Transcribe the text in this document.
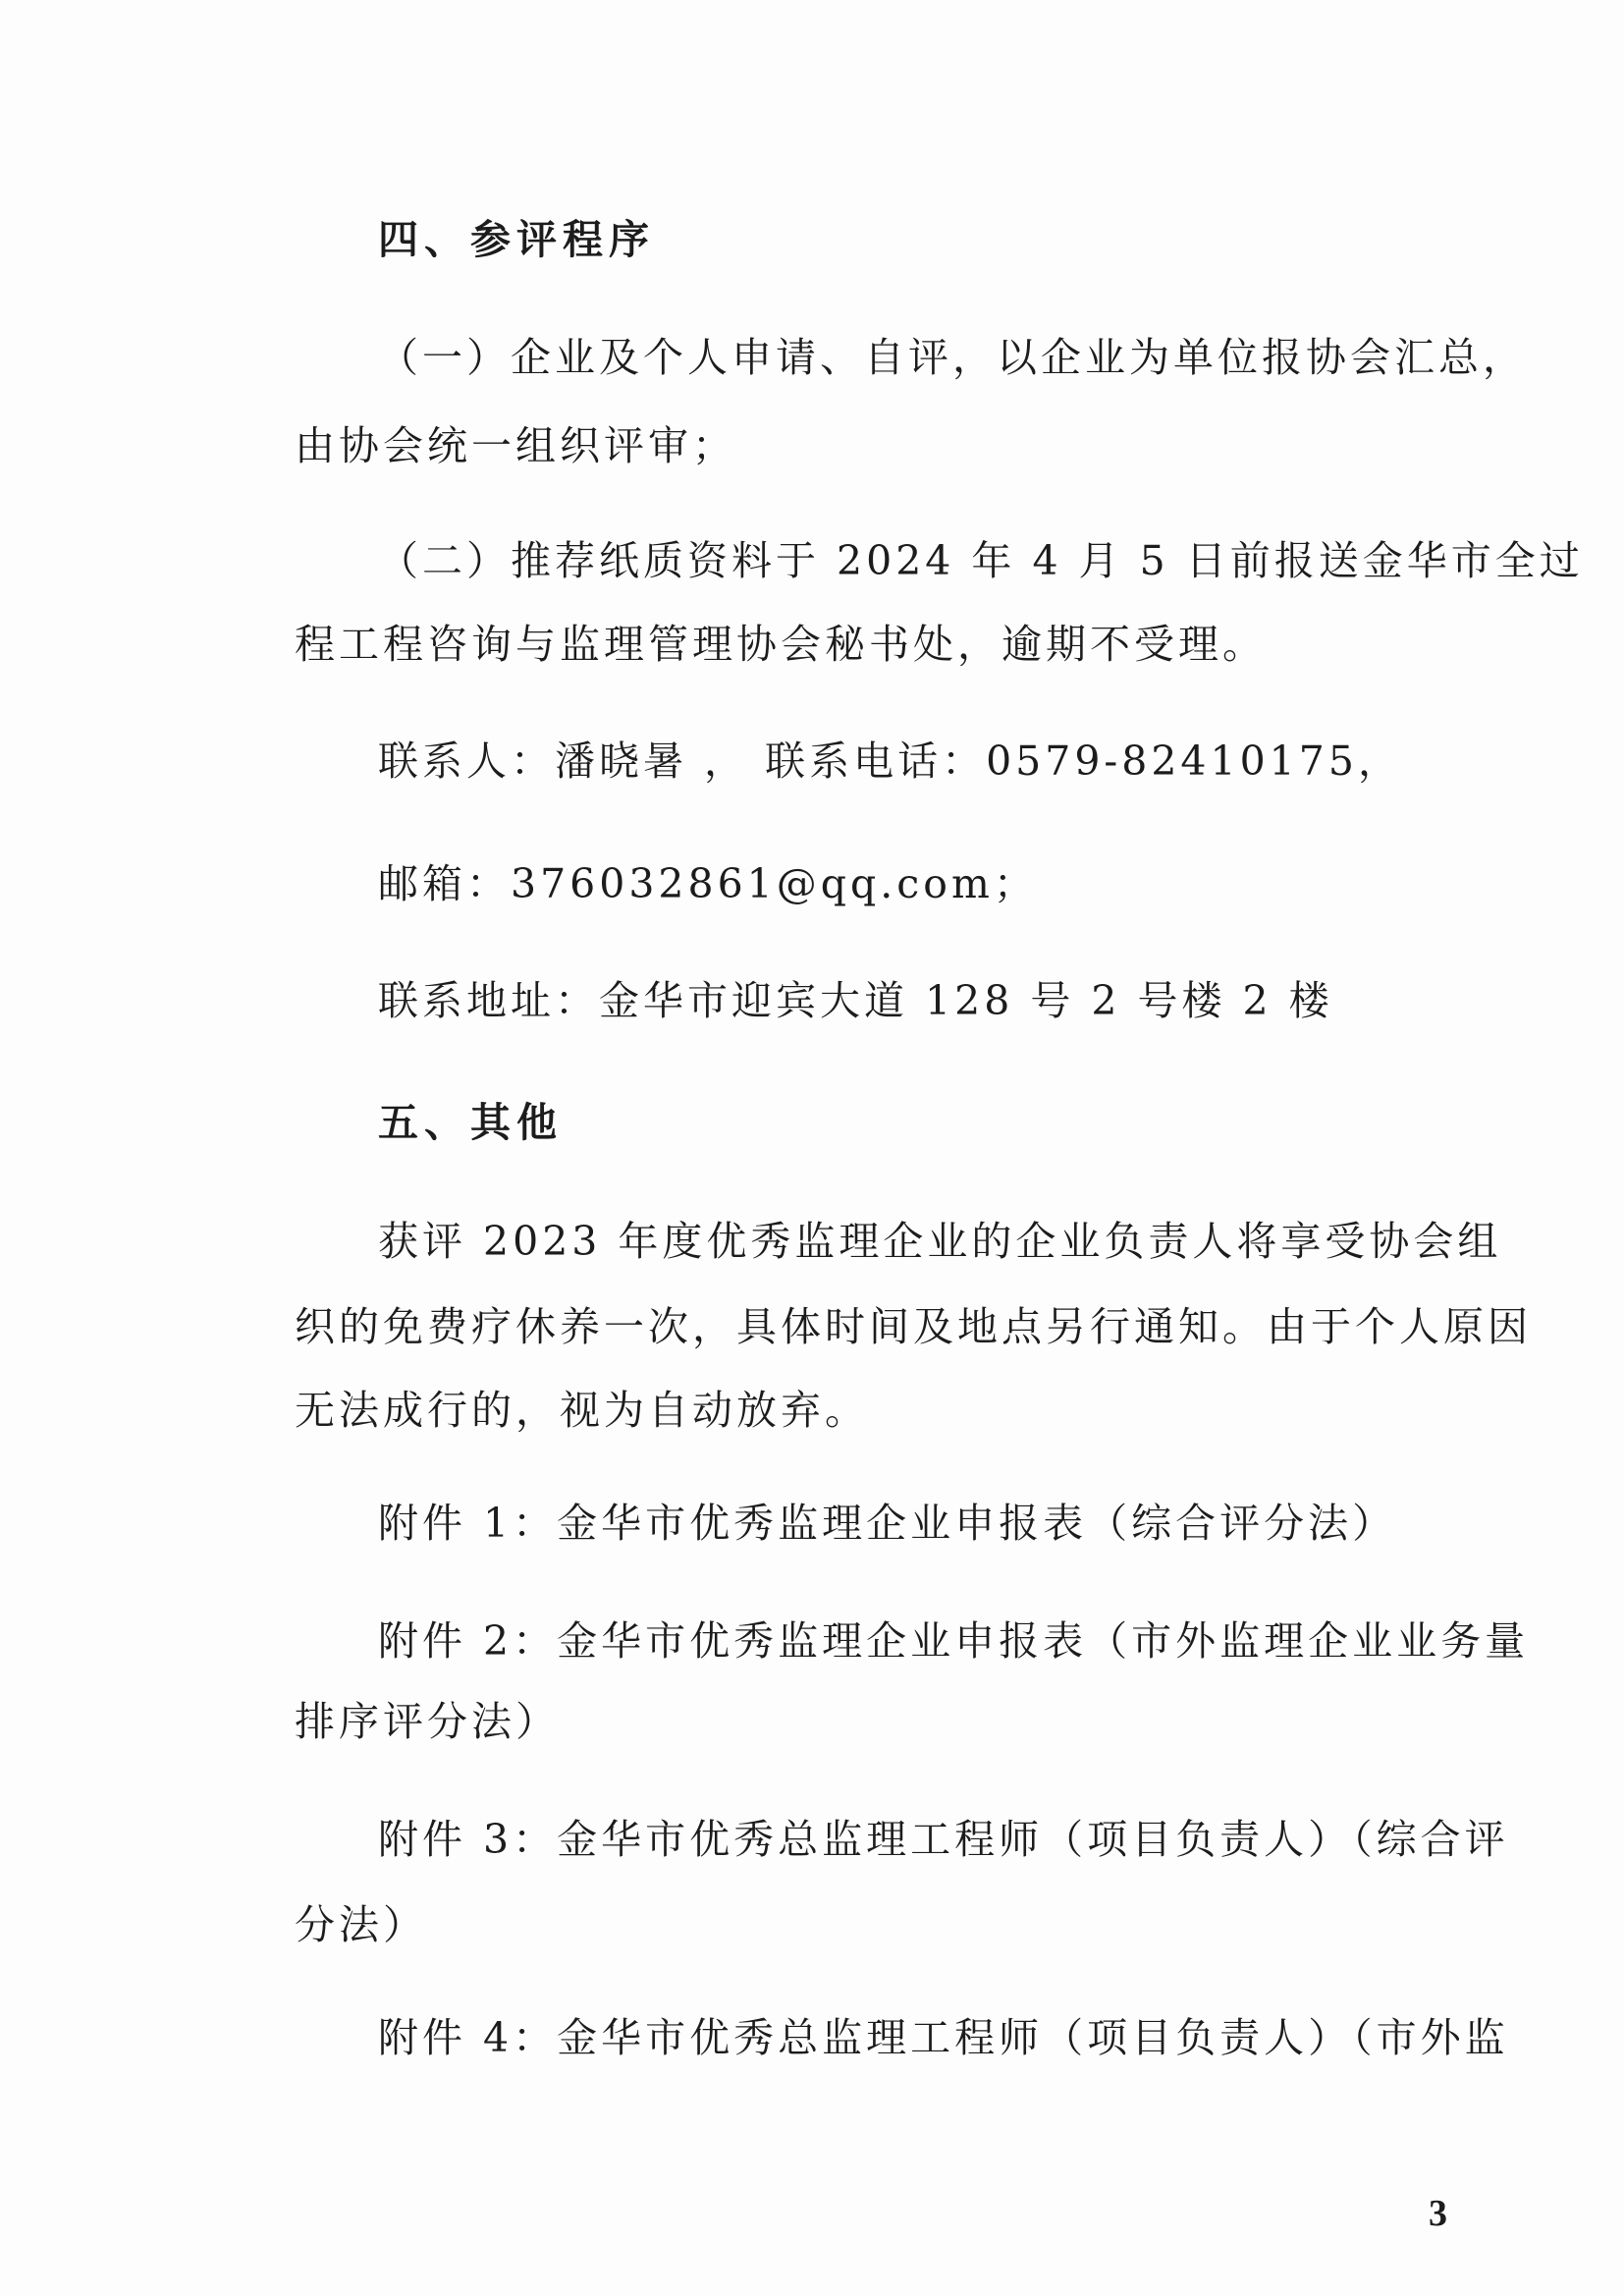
四、参评程序
（一）企业及个人申请、自评，以企业为单位报协会汇总，
由协会统一组织评审；
（二）推荐纸质资料于 2024 年 4 月 5 日前报送金华市全过
程工程咨询与监理管理协会秘书处，逾期不受理。
联系人：潘晓暑 ， 联系电话：0579-82410175，
邮箱：376032861@qq.com；
联系地址：金华市迎宾大道 128 号 2 号楼 2 楼
五、其他
获评 2023 年度优秀监理企业的企业负责人将享受协会组
织的免费疗休养一次，具体时间及地点另行通知。由于个人原因
无法成行的，视为自动放弃。
附件 1：金华市优秀监理企业申报表（综合评分法）
附件 2：金华市优秀监理企业申报表（市外监理企业业务量
排序评分法）
附件 3：金华市优秀总监理工程师（项目负责人）（综合评
分法）
附件 4：金华市优秀总监理工程师（项目负责人）（市外监
3
